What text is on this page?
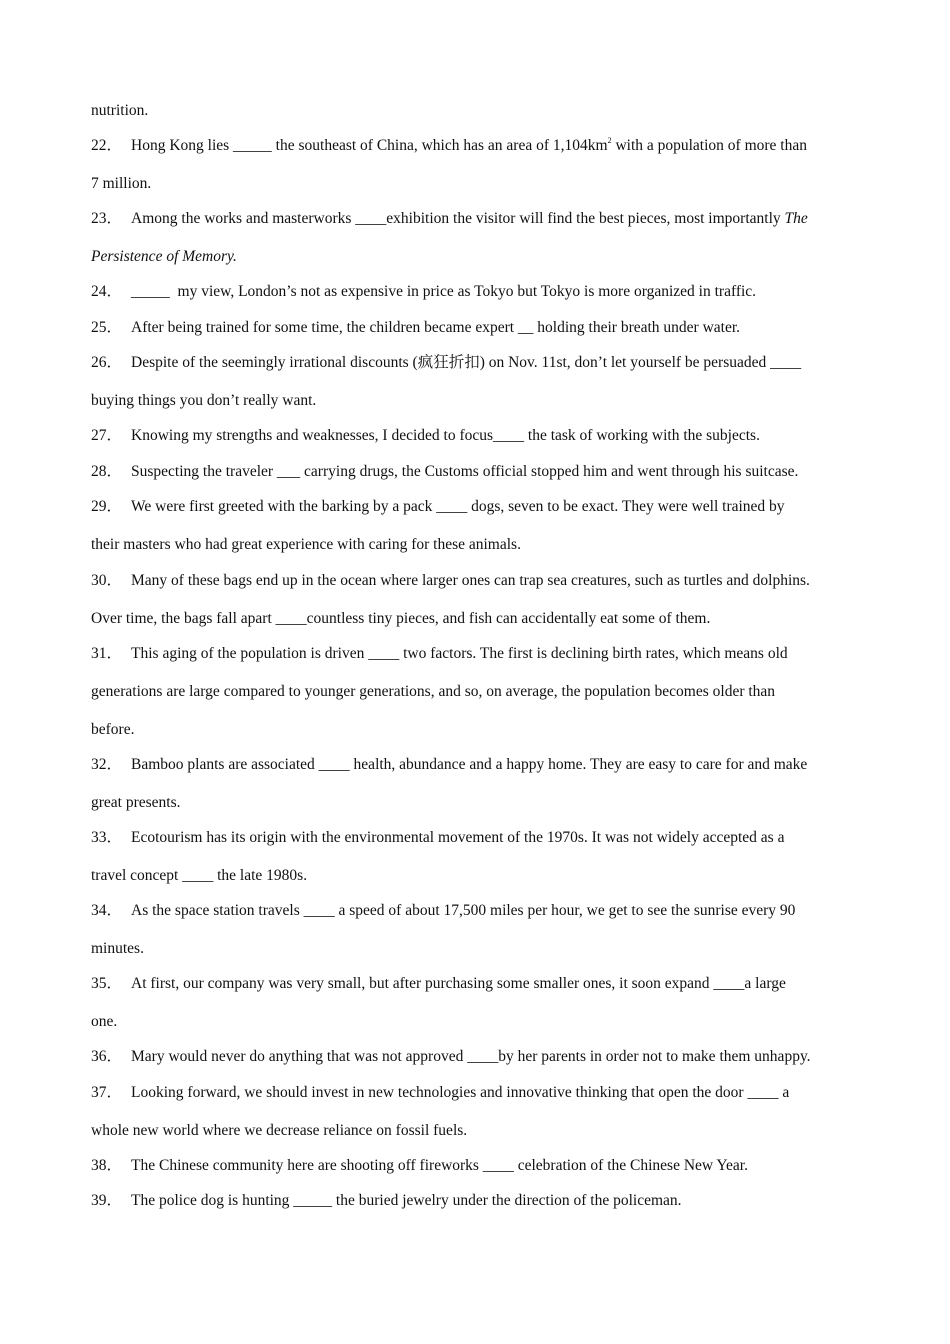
nutrition.
22． Hong Kong lies _____ the southeast of China, which has an area of $1,104km^2$ with a population of more than
7 million.
23． Among the works and masterworks ____exhibition the visitor will find the best pieces, most importantly The
Persistence of Memory.
24． _____  my view, London’s not as expensive in price as Tokyo but Tokyo is more organized in traffic.
25． After being trained for some time, the children became expert __ holding their breath under water.
26． Despite of the seemingly irrational discounts (疯狂折扣) on Nov. 11st, don’t let yourself be persuaded ____
buying things you don’t really want.
27． Knowing my strengths and weaknesses, I decided to focus____ the task of working with the subjects.
28． Suspecting the traveler ___ carrying drugs, the Customs official stopped him and went through his suitcase.
29． We were first greeted with the barking by a pack ____ dogs, seven to be exact. They were well trained by
their masters who had great experience with caring for these animals.
30． Many of these bags end up in the ocean where larger ones can trap sea creatures, such as turtles and dolphins.
Over time, the bags fall apart ____countless tiny pieces, and fish can accidentally eat some of them.
31． This aging of the population is driven ____ two factors. The first is declining birth rates, which means old
generations are large compared to younger generations, and so, on average, the population becomes older than
before.
32． Bamboo plants are associated ____ health, abundance and a happy home. They are easy to care for and make
great presents.
33． Ecotourism has its origin with the environmental movement of the 1970s. It was not widely accepted as a
travel concept ____ the late 1980s.
34． As the space station travels ____ a speed of about 17,500 miles per hour, we get to see the sunrise every 90
minutes.
35． At first, our company was very small, but after purchasing some smaller ones, it soon expand ____a large
one.
36． Mary would never do anything that was not approved ____by her parents in order not to make them unhappy.
37． Looking forward, we should invest in new technologies and innovative thinking that open the door ____ a
whole new world where we decrease reliance on fossil fuels.
38． The Chinese community here are shooting off fireworks ____ celebration of the Chinese New Year.
39． The police dog is hunting _____ the buried jewelry under the direction of the policeman.
